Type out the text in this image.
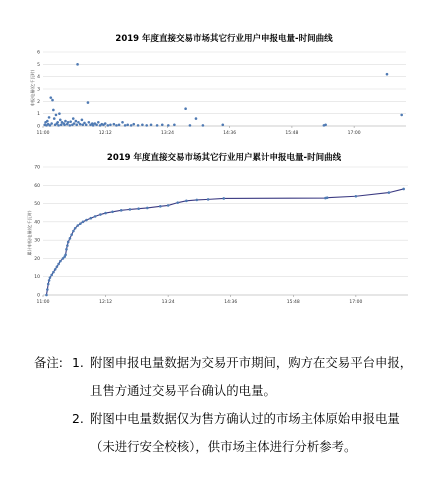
2019 年度直接交易市场其它行业用户申报电量-时间曲线
0
1
2
3
4
5
6
11:00	12:12	13:24	14:36	15:48	17:00
申报电量(亿千瓦时)
2019 年度直接交易市场其它行业用户累计申报电量-时间曲线
0
10
20
30
40
50
60
70
11:00	12:12	13:24	14:36	15:48	17:00
累计申报电量(亿千瓦时)
备注: 1. 附图申报电量数据为交易开市期间，购方在交易平台申报，
且售方通过交易平台确认的电量。
2. 附图中电量数据仅为售方确认过的市场主体原始申报电量
（未进行安全校核），供市场主体进行分析参考。
